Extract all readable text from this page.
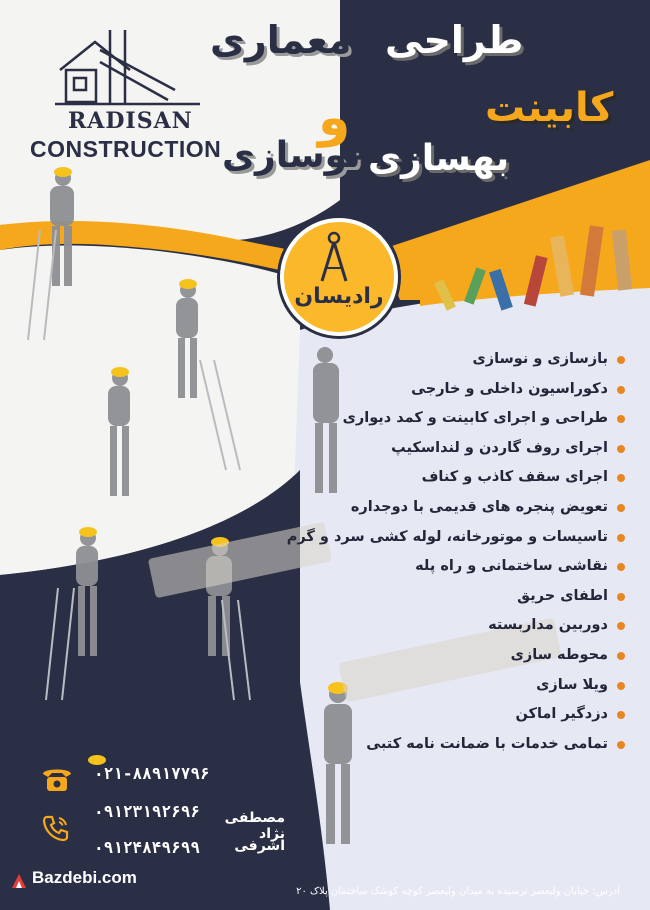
طراحی
معماری
و	کابینت
نوسازی بهسازی
RADISAN
CONSTRUCTION
رادیسان
بازسازی و نوسازی
دکوراسیون داخلی و خارجی
طراحی و اجرای کابینت و کمد دیواری
اجرای روف گاردن و لنداسکیپ
اجرای سقف کاذب و کناف
تعویض پنجره های قدیمی با دوجداره
تاسیسات و موتورخانه، لوله کشی سرد و گرم
نقاشی ساختمانی و راه پله
اطفای حریق
دوربین مداربسته
محوطه سازی
ویلا سازی
دزدگیر اماکن
تمامی خدمات با ضمانت نامه کتبی
۰۲۱-۸۸۹۱۷۷۹۶
۰۹۱۲۳۱۹۲۶۹۶
۰۹۱۲۴۸۴۹۶۹۹
مصطفی نژاد
اشرفی
آدرس: خیابان ولیعصر نرسیده به میدان ولیعصر کوچه کوشک ساختمان پلاک ۲۰
Bazdebi.com
